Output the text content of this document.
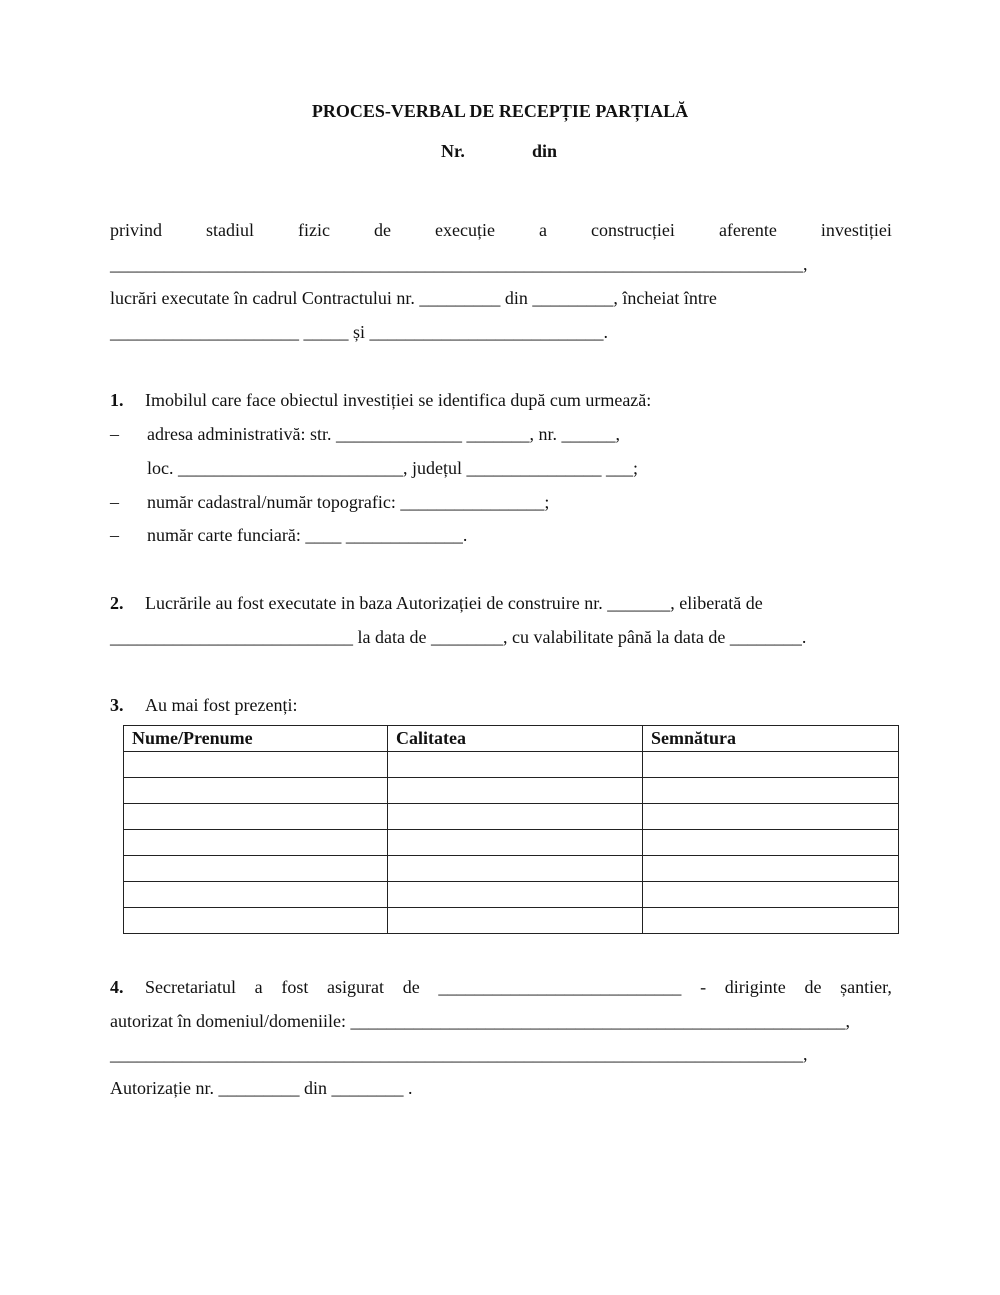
PROCES-VERBAL DE RECEPȚIE PARȚIALĂ
Nr.	din
privind stadiul fizic de execuție a construcției aferente investiției
_____________________________________________________________________________,
lucrări executate în cadrul Contractului nr. _________ din _________, încheiat între
_____________________ _____ și __________________________.
1. Imobilul care face obiectul investiției se identifica după cum urmează:
– adresa administrativă: str. ______________ _______, nr. ______,
loc. _________________________, județul _______________ ___;
– număr cadastral/număr topografic: ________________;
– număr carte funciară: ____ _____________.
2. Lucrările au fost executate in baza Autorizației de construire nr. _______, eliberată de
___________________________ la data de ________, cu valabilitate până la data de ________.
3. Au mai fost prezenți:
Nume/Prenume	Calitatea	Semnătura

4. Secretariatul a fost asigurat de ___________________________ - diriginte de șantier,
autorizat în domeniul/domeniile: _______________________________________________________,
_____________________________________________________________________________,
Autorizație nr. _________ din ________ .
